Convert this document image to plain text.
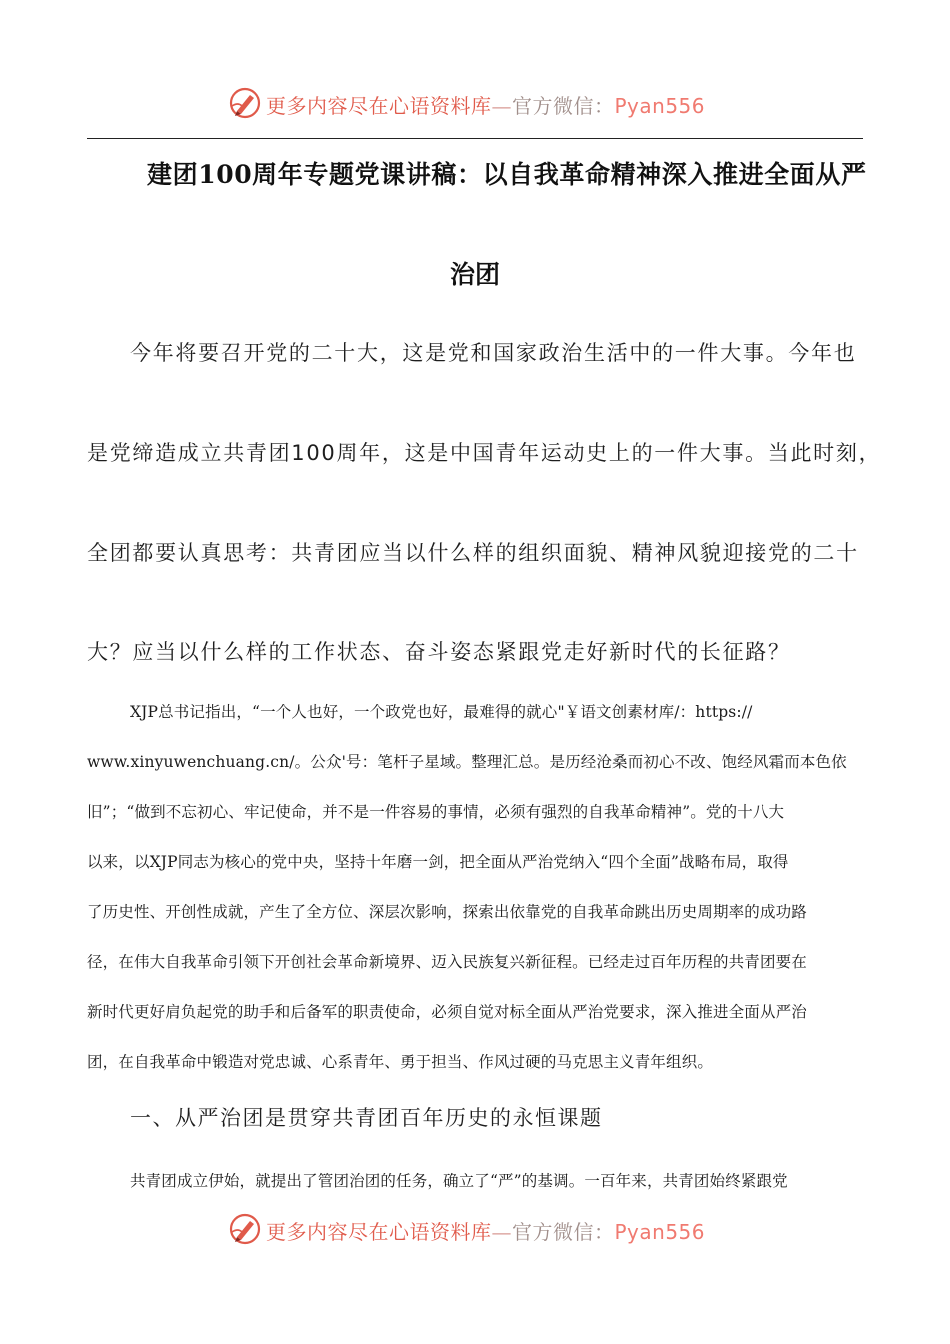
更多内容尽在心语资料库—官方微信：Pyan556
建团100周年专题党课讲稿：以自我革命精神深入推进全面从严
治团
今年将要召开党的二十大，这是党和国家政治生活中的一件大事。今年也
是党缔造成立共青团100周年，这是中国青年运动史上的一件大事。当此时刻，
全团都要认真思考：共青团应当以什么样的组织面貌、精神风貌迎接党的二十
大？应当以什么样的工作状态、奋斗姿态紧跟党走好新时代的长征路？
XJP总书记指出，“一个人也好，一个政党也好，最难得的就心"￥语文创素材库/：https://
www.xinyuwenchuang.cn/。公众'号：笔杆子星域。整理汇总。是历经沧桑而初心不改、饱经风霜而本色依
旧”；“做到不忘初心、牢记使命，并不是一件容易的事情，必须有强烈的自我革命精神”。党的十八大
以来，以XJP同志为核心的党中央，坚持十年磨一剑，把全面从严治党纳入“四个全面”战略布局，取得
了历史性、开创性成就，产生了全方位、深层次影响，探索出依靠党的自我革命跳出历史周期率的成功路
径，在伟大自我革命引领下开创社会革命新境界、迈入民族复兴新征程。已经走过百年历程的共青团要在
新时代更好肩负起党的助手和后备军的职责使命，必须自觉对标全面从严治党要求，深入推进全面从严治
团，在自我革命中锻造对党忠诚、心系青年、勇于担当、作风过硬的马克思主义青年组织。
一、从严治团是贯穿共青团百年历史的永恒课题
共青团成立伊始，就提出了管团治团的任务，确立了“严”的基调。一百年来，共青团始终紧跟党
更多内容尽在心语资料库—官方微信：Pyan556
